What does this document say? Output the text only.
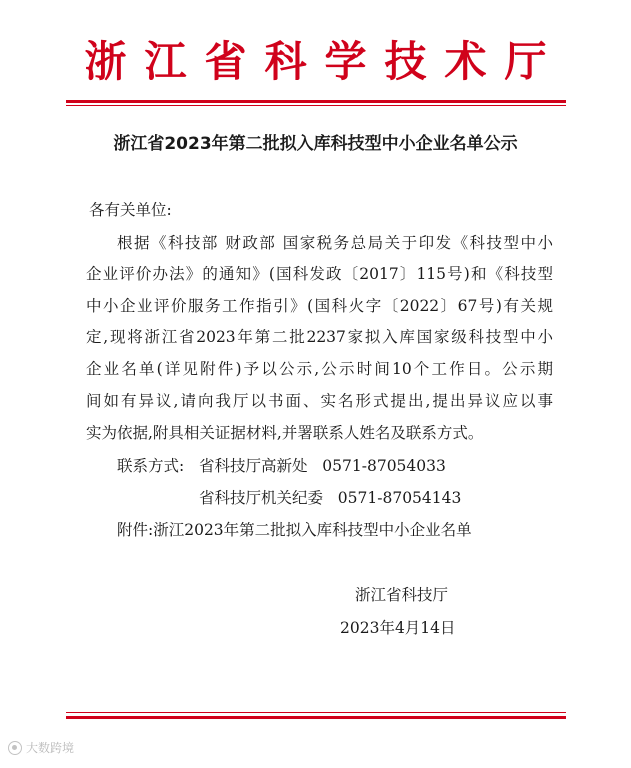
浙江省科学技术厅
浙江省2023年第二批拟入库科技型中小企业名单公示
各有关单位:
根据《科技部 财政部 国家税务总局关于印发《科技型中小
企业评价办法》的通知》(国科发政〔2017〕115号)和《科技型
中小企业评价服务工作指引》(国科火字〔2022〕67号)有关规
定,现将浙江省2023年第二批2237家拟入库国家级科技型中小
企业名单(详见附件)予以公示,公示时间10个工作日。公示期
间如有异议,请向我厅以书面、实名形式提出,提出异议应以事
实为依据,附具相关证据材料,并署联系人姓名及联系方式。
联系方式: 省科技厅高新处   0571-87054033
省科技厅机关纪委   0571-87054143
附件:浙江2023年第二批拟入库科技型中小企业名单
浙江省科技厅
2023年4月14日
大数跨境
